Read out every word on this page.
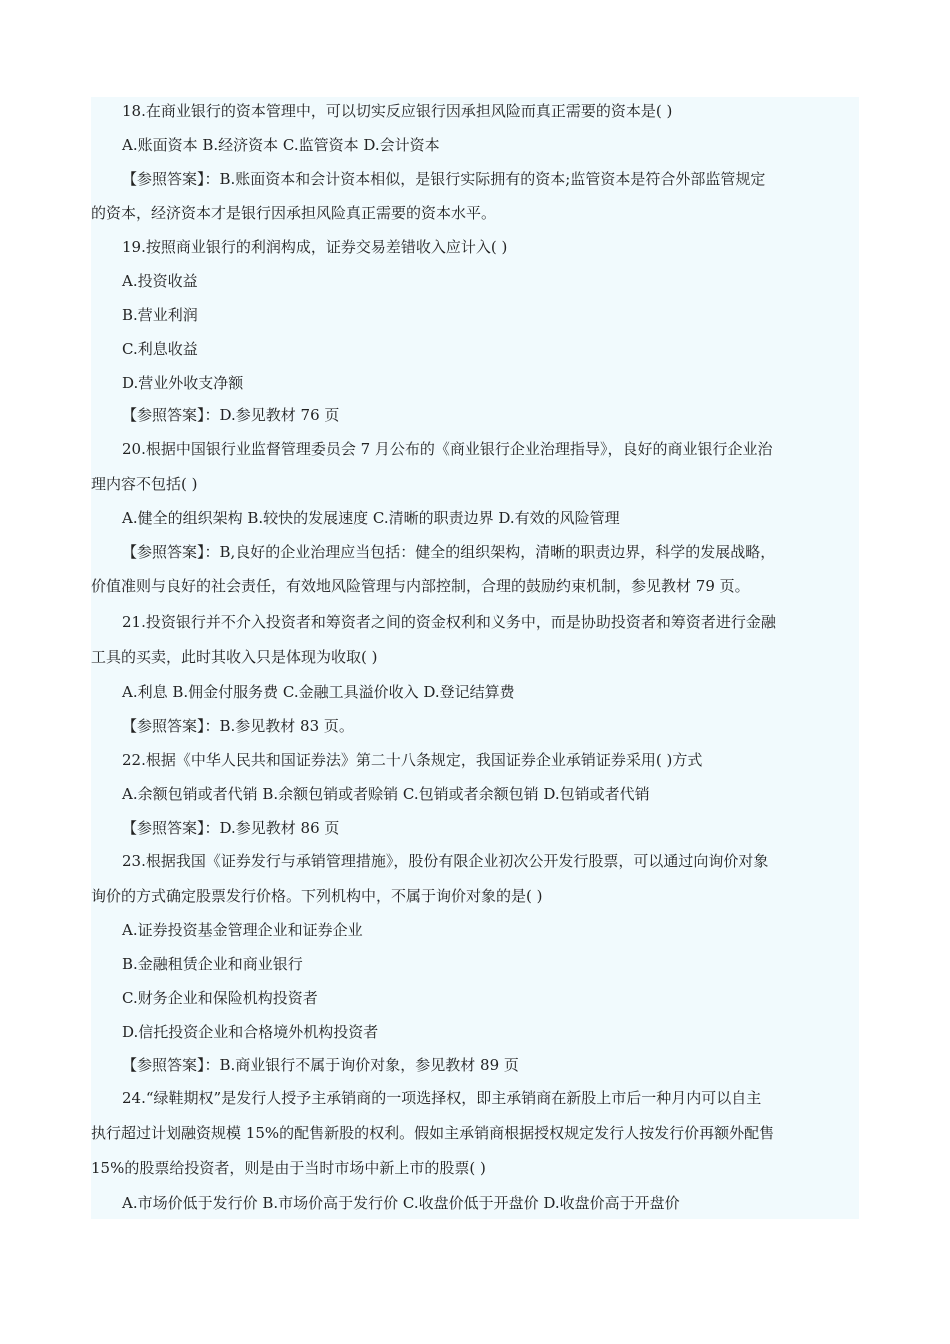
18.在商业银行的资本管理中，可以切实反应银行因承担风险而真正需要的资本是( )
A.账面资本 B.经济资本 C.监管资本 D.会计资本
【参照答案】：B.账面资本和会计资本相似，是银行实际拥有的资本;监管资本是符合外部监管规定
的资本，经济资本才是银行因承担风险真正需要的资本水平。
19.按照商业银行的利润构成，证券交易差错收入应计入( )
A.投资收益
B.营业利润
C.利息收益
D.营业外收支净额
【参照答案】：D.参见教材 76 页
20.根据中国银行业监督管理委员会 7 月公布的《商业银行企业治理指导》，良好的商业银行企业治
理内容不包括( )
A.健全的组织架构 B.较快的发展速度 C.清晰的职责边界 D.有效的风险管理
【参照答案】：B,良好的企业治理应当包括：健全的组织架构，清晰的职责边界，科学的发展战略，
价值准则与良好的社会责任，有效地风险管理与内部控制，合理的鼓励约束机制，参见教材 79 页。
21.投资银行并不介入投资者和筹资者之间的资金权利和义务中，而是协助投资者和筹资者进行金融
工具的买卖，此时其收入只是体现为收取( )
A.利息 B.佣金付服务费 C.金融工具溢价收入 D.登记结算费
【参照答案】：B.参见教材 83 页。
22.根据《中华人民共和国证券法》第二十八条规定，我国证券企业承销证券采用( )方式
A.余额包销或者代销 B.余额包销或者赊销 C.包销或者余额包销 D.包销或者代销
【参照答案】：D.参见教材 86 页
23.根据我国《证券发行与承销管理措施》，股份有限企业初次公开发行股票，可以通过向询价对象
询价的方式确定股票发行价格。下列机构中，不属于询价对象的是( )
A.证券投资基金管理企业和证券企业
B.金融租赁企业和商业银行
C.财务企业和保险机构投资者
D.信托投资企业和合格境外机构投资者
【参照答案】：B.商业银行不属于询价对象，参见教材 89 页
24.“绿鞋期权”是发行人授予主承销商的一项选择权，即主承销商在新股上市后一种月内可以自主
执行超过计划融资规模 15%的配售新股的权利。假如主承销商根据授权规定发行人按发行价再额外配售
15%的股票给投资者，则是由于当时市场中新上市的股票( )
A.市场价低于发行价 B.市场价高于发行价 C.收盘价低于开盘价 D.收盘价高于开盘价
